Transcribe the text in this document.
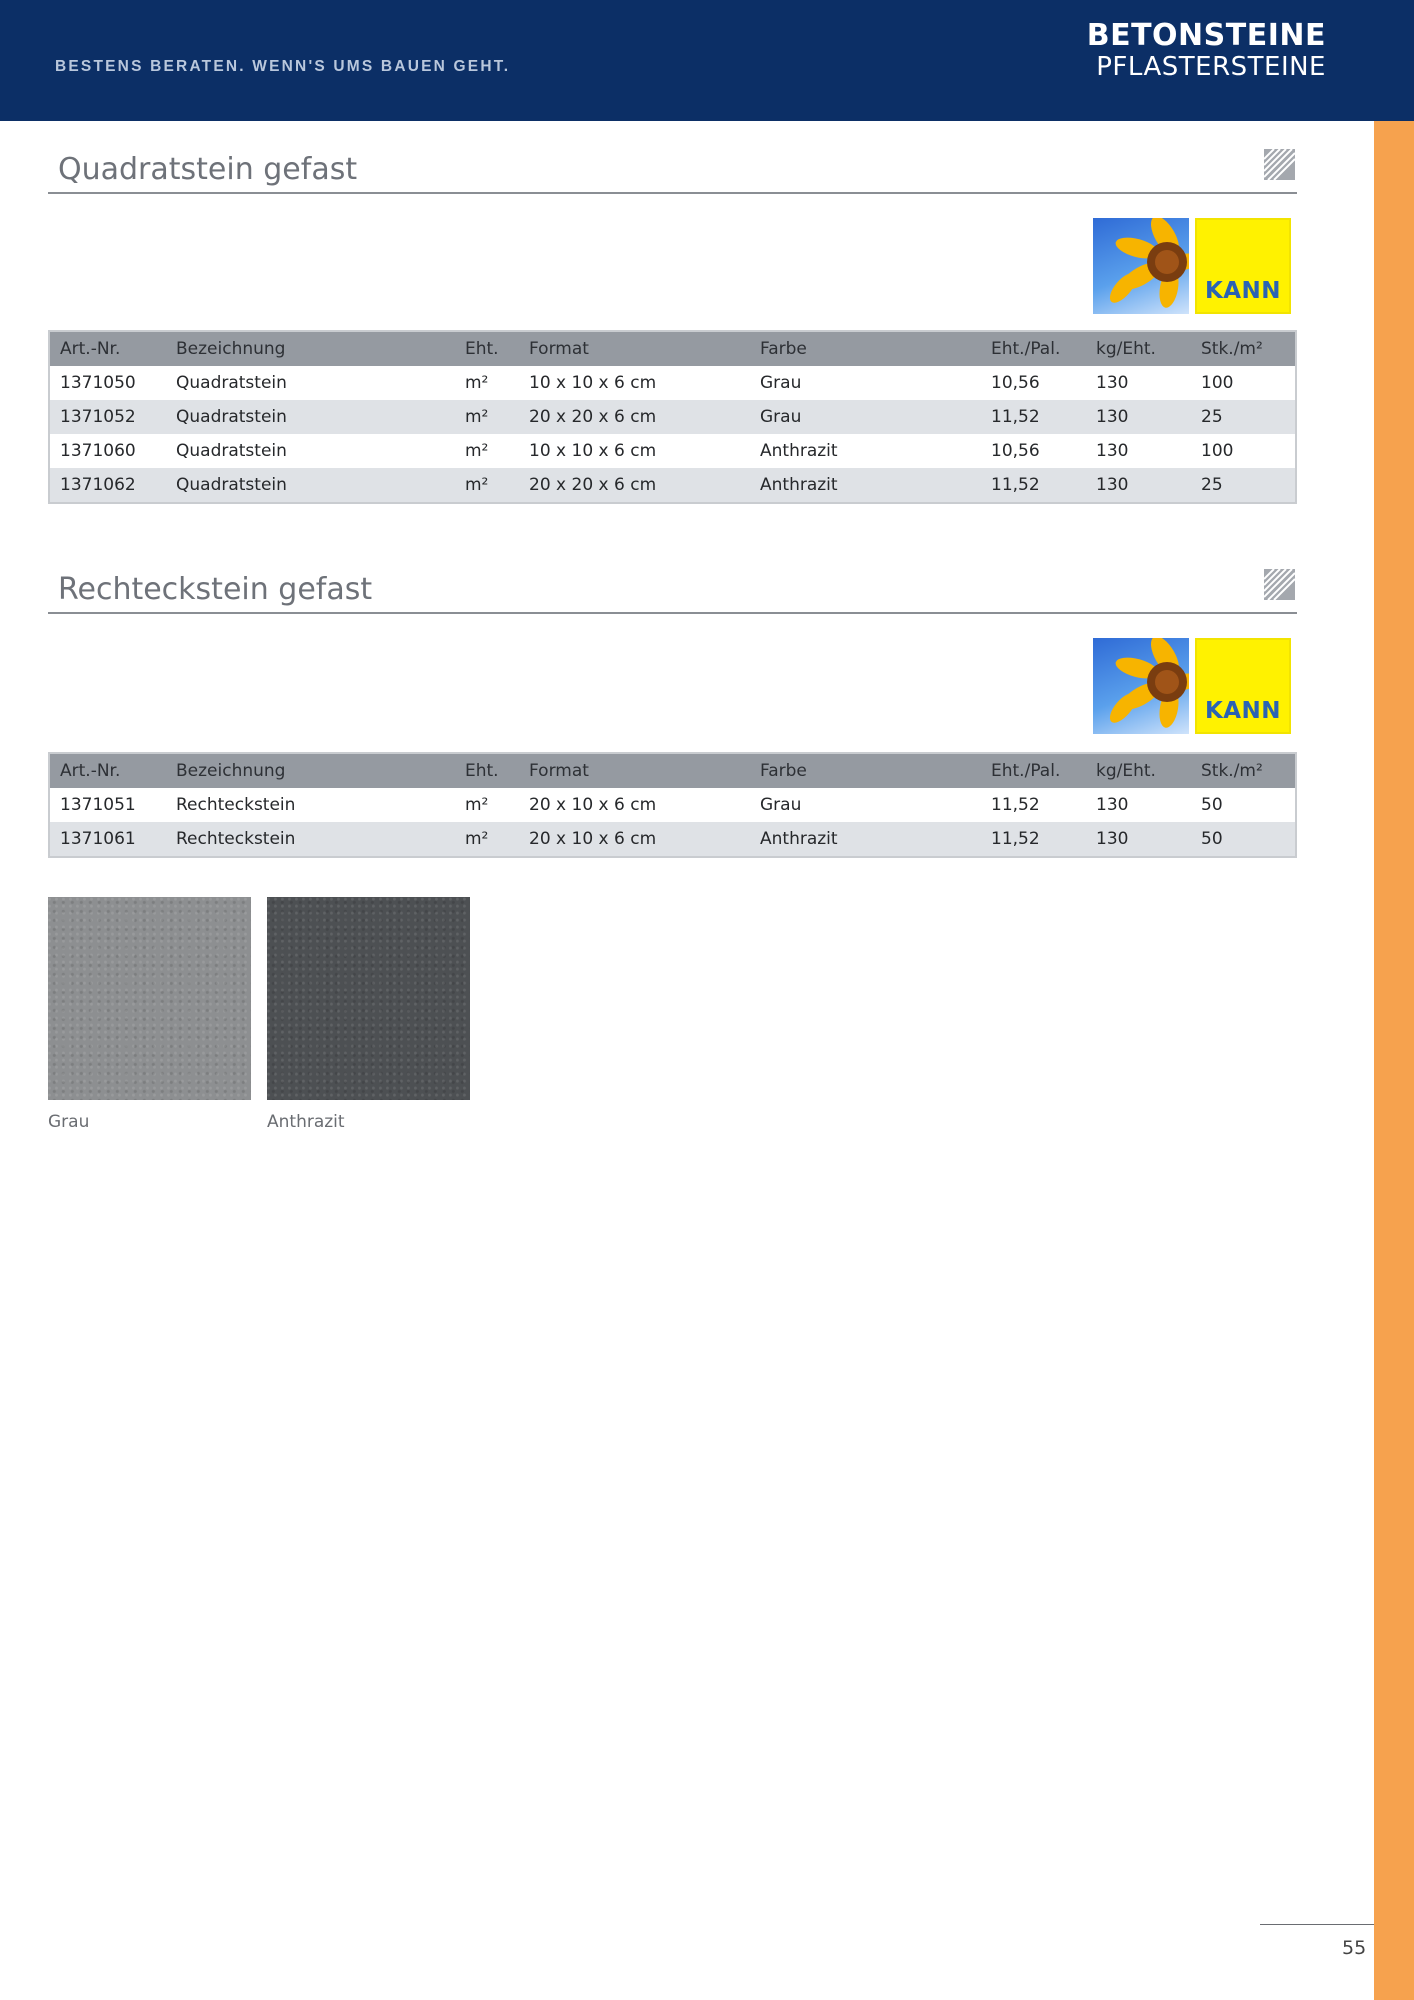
BESTENS BERATEN. WENN'S UMS BAUEN GEHT.
BETONSTEINE
PFLASTERSTEINE
Quadratstein gefast
KANN
Art.-Nr.	Bezeichnung	Eht.	Format	Farbe	Eht./Pal.	kg/Eht.	Stk./m²
1371050	Quadratstein	m²	10 x 10 x 6 cm	Grau	10,56	130	100
1371052	Quadratstein	m²	20 x 20 x 6 cm	Grau	11,52	130	25
1371060	Quadratstein	m²	10 x 10 x 6 cm	Anthrazit	10,56	130	100
1371062	Quadratstein	m²	20 x 20 x 6 cm	Anthrazit	11,52	130	25
Rechteckstein gefast
KANN
Art.-Nr.	Bezeichnung	Eht.	Format	Farbe	Eht./Pal.	kg/Eht.	Stk./m²
1371051	Rechteckstein	m²	20 x 10 x 6 cm	Grau	11,52	130	50
1371061	Rechteckstein	m²	20 x 10 x 6 cm	Anthrazit	11,52	130	50
Grau	Anthrazit
55
